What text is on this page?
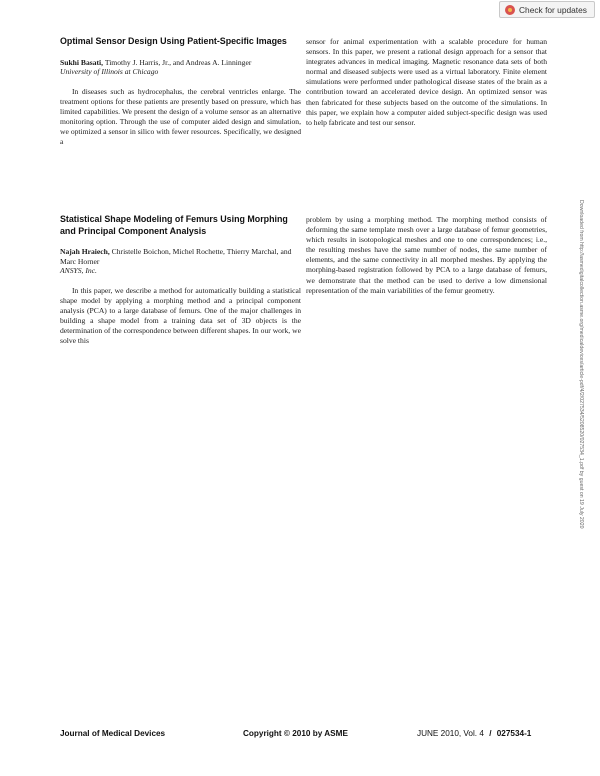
Check for updates

Optimal Sensor Design Using Patient-Specific Images

Sukhi Basati, Timothy J. Harris, Jr., and Andreas A. Linninger

University of Illinois at Chicago

In diseases such as hydrocephalus, the cerebral ventricles enlarge. The treatment options for these patients are presently based on pressure, which has limited capabilities. We present the design of a volume sensor as an alternative monitoring option. Through the use of computer aided design and simulation, we optimized a sensor in silico with fewer resources. Specifically, we designed a

sensor for animal experimentation with a scalable procedure for human sensors. In this paper, we present a rational design approach for a sensor that integrates advances in medical imaging. Magnetic resonance data sets of both normal and diseased subjects were used as a virtual laboratory. Finite element simulations were performed under pathological disease states of the brain as a contribution toward an accelerated device design. An optimized sensor was then fabricated for these subjects based on the outcome of the simulations. In this paper, we explain how a computer aided subject-specific design was used to help fabricate and test our sensor.

Statistical Shape Modeling of Femurs Using Morphing and Principal Component Analysis

Najah Hraiech, Christelle Boichon, Michel Rochette, Thierry Marchal, and Marc Horner

ANSYS, Inc.

In this paper, we describe a method for automatically building a statistical shape model by applying a morphing method and a principal component analysis (PCA) to a large database of femurs. One of the major challenges in building a shape model from a training data set of 3D objects is the determination of the correspondence between different shapes. In our work, we solve this

problem by using a morphing method. The morphing method consists of deforming the same template mesh over a large database of femur geometries, which results in isotopological meshes and one to one correspondences; i.e., the resulting meshes have the same number of nodes, the same number of elements, and the same connectivity in all morphed meshes. By applying the morphing-based registration followed by PCA to a large database of femurs, we demonstrate that the method can be used to derive a low dimensional representation of the main variabilities of the femur geometry.	Downloaded from http://asmedigitalcollection.asme.org/medicaldevices/article-pdf/4/2/027534/5208520/027534_1.pdf by guest on 19 July 2020
Journal of Medical Devices	Copyright © 2010 by ASME	JUNE 2010, Vol. 4 / 027534-1
